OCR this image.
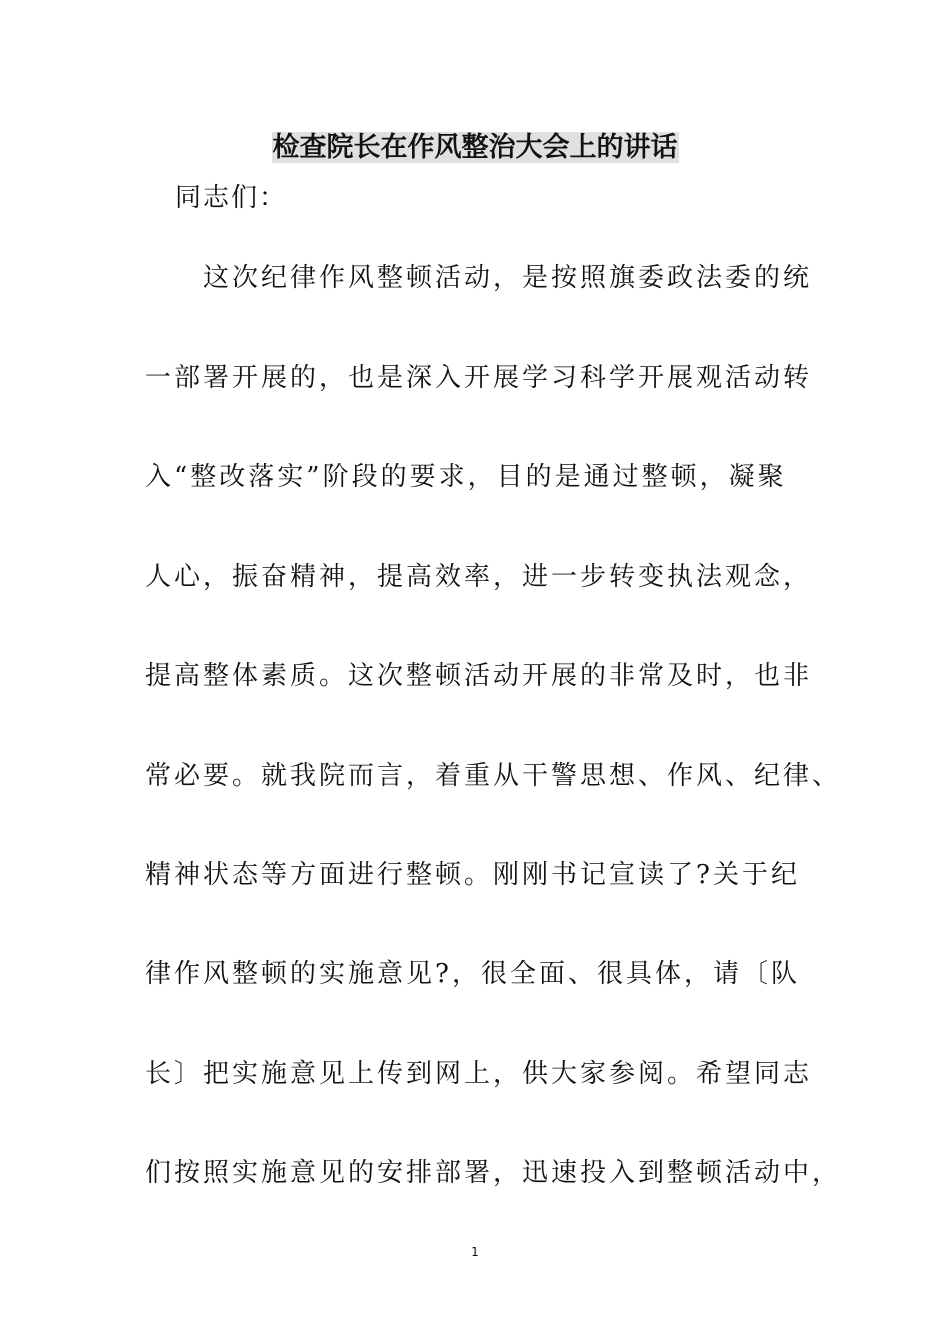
检查院长在作风整治大会上的讲话
同志们：
这次纪律作风整顿活动，是按照旗委政法委的统
一部署开展的，也是深入开展学习科学开展观活动转
入“整改落实”阶段的要求，目的是通过整顿，凝聚
人心，振奋精神，提高效率，进一步转变执法观念，
提高整体素质。这次整顿活动开展的非常及时，也非
常必要。就我院而言，着重从干警思想、作风、纪律、
精神状态等方面进行整顿。刚刚书记宣读了?关于纪
律作风整顿的实施意见?，很全面、很具体，请〔队
长〕把实施意见上传到网上，供大家参阅。希望同志
们按照实施意见的安排部署，迅速投入到整顿活动中，
1
